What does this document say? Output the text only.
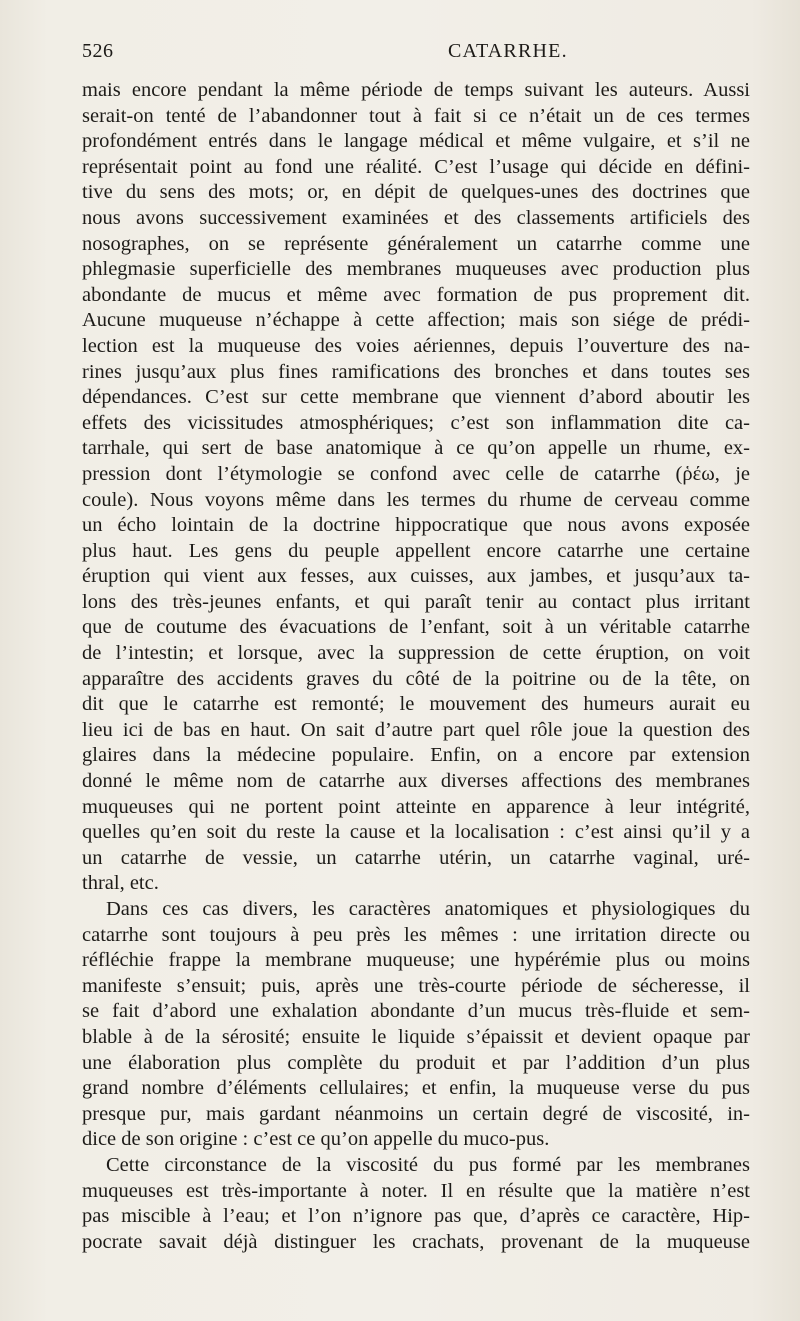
526	CATARRHE.
mais encore pendant la même période de temps suivant les auteurs. Aussi
serait-on tenté de l’abandonner tout à fait si ce n’était un de ces termes
profondément entrés dans le langage médical et même vulgaire, et s’il ne
représentait point au fond une réalité. C’est l’usage qui décide en défini-
tive du sens des mots; or, en dépit de quelques-unes des doctrines que
nous avons successivement examinées et des classements artificiels des
nosographes, on se représente généralement un catarrhe comme une
phlegmasie superficielle des membranes muqueuses avec production plus
abondante de mucus et même avec formation de pus proprement dit.
Aucune muqueuse n’échappe à cette affection; mais son siége de prédi-
lection est la muqueuse des voies aériennes, depuis l’ouverture des na-
rines jusqu’aux plus fines ramifications des bronches et dans toutes ses
dépendances. C’est sur cette membrane que viennent d’abord aboutir les
effets des vicissitudes atmosphériques; c’est son inflammation dite ca-
tarrhale, qui sert de base anatomique à ce qu’on appelle un rhume, ex-
pression dont l’étymologie se confond avec celle de catarrhe (ῥέω, je
coule). Nous voyons même dans les termes du rhume de cerveau comme
un écho lointain de la doctrine hippocratique que nous avons exposée
plus haut. Les gens du peuple appellent encore catarrhe une certaine
éruption qui vient aux fesses, aux cuisses, aux jambes, et jusqu’aux ta-
lons des très-jeunes enfants, et qui paraît tenir au contact plus irritant
que de coutume des évacuations de l’enfant, soit à un véritable catarrhe
de l’intestin; et lorsque, avec la suppression de cette éruption, on voit
apparaître des accidents graves du côté de la poitrine ou de la tête, on
dit que le catarrhe est remonté; le mouvement des humeurs aurait eu
lieu ici de bas en haut. On sait d’autre part quel rôle joue la question des
glaires dans la médecine populaire. Enfin, on a encore par extension
donné le même nom de catarrhe aux diverses affections des membranes
muqueuses qui ne portent point atteinte en apparence à leur intégrité,
quelles qu’en soit du reste la cause et la localisation : c’est ainsi qu’il y a
un catarrhe de vessie, un catarrhe utérin, un catarrhe vaginal, uré-
thral, etc.
Dans ces cas divers, les caractères anatomiques et physiologiques du
catarrhe sont toujours à peu près les mêmes : une irritation directe ou
réfléchie frappe la membrane muqueuse; une hypérémie plus ou moins
manifeste s’ensuit; puis, après une très-courte période de sécheresse, il
se fait d’abord une exhalation abondante d’un mucus très-fluide et sem-
blable à de la sérosité; ensuite le liquide s’épaissit et devient opaque par
une élaboration plus complète du produit et par l’addition d’un plus
grand nombre d’éléments cellulaires; et enfin, la muqueuse verse du pus
presque pur, mais gardant néanmoins un certain degré de viscosité, in-
dice de son origine : c’est ce qu’on appelle du muco-pus.
Cette circonstance de la viscosité du pus formé par les membranes
muqueuses est très-importante à noter. Il en résulte que la matière n’est
pas miscible à l’eau; et l’on n’ignore pas que, d’après ce caractère, Hip-
pocrate savait déjà distinguer les crachats, provenant de la muqueuse
